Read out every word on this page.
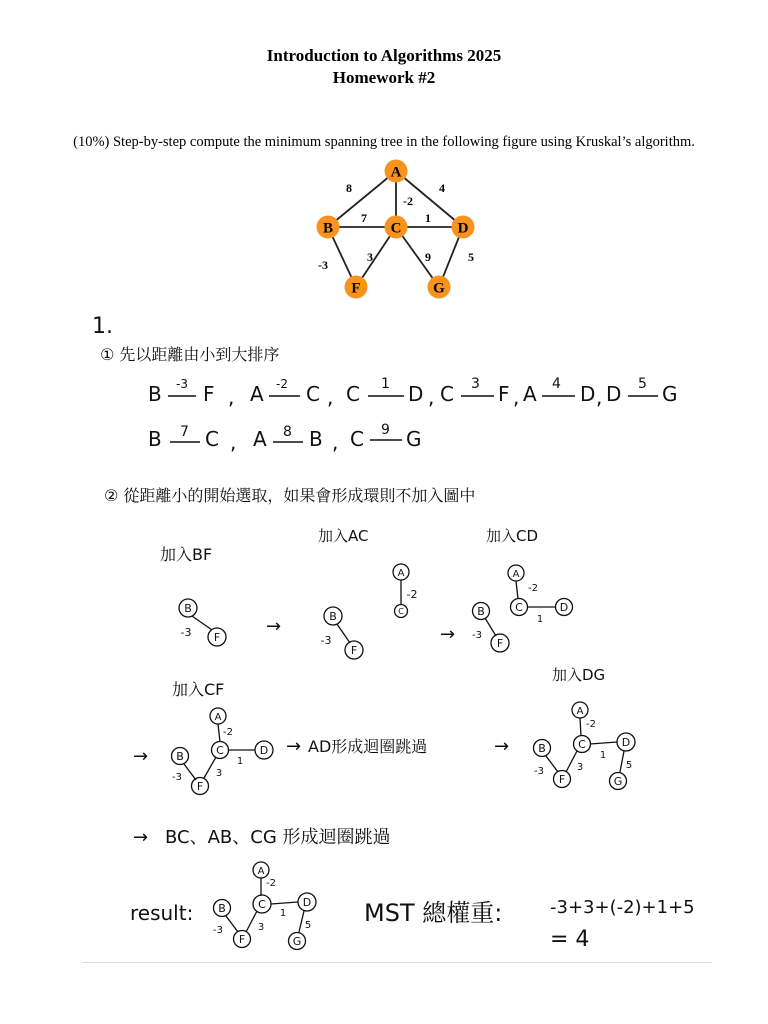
Introduction to Algorithms 2025
Homework #2
(10%) Step-by-step compute the minimum spanning tree in the following figure using Kruskal’s algorithm.
A
B	C	D
F	G
8	4
-2
7	1
-3
3	9	5
1.
① 先以距離由小到大排序
B -3 F , A -2 C , C 1 D , C 3 F , A 4 D , D 5 G
B 7 C , A 8 B , C 9 G
② 從距離小的開始選取，如果會形成環則不加入圖中
加入BF
加入AC	加入CD
加入CF
加入DG
→	→
→	→	→
→
AD形成迴圈跳過
BC、AB、CG 形成迴圈跳過
B
F
-3
B
F
-3
A
C
-2
A
C	D
B
F
-2
1
-3
A
C	D
B
F
-2
1
-3	3
A
C	D
B
F	G
-2
1
-3	3	5
A
C	D
B
F	G
-2
1
-3	3	5
result:	MST 總權重:	-3+3+(-2)+1+5
= 4
